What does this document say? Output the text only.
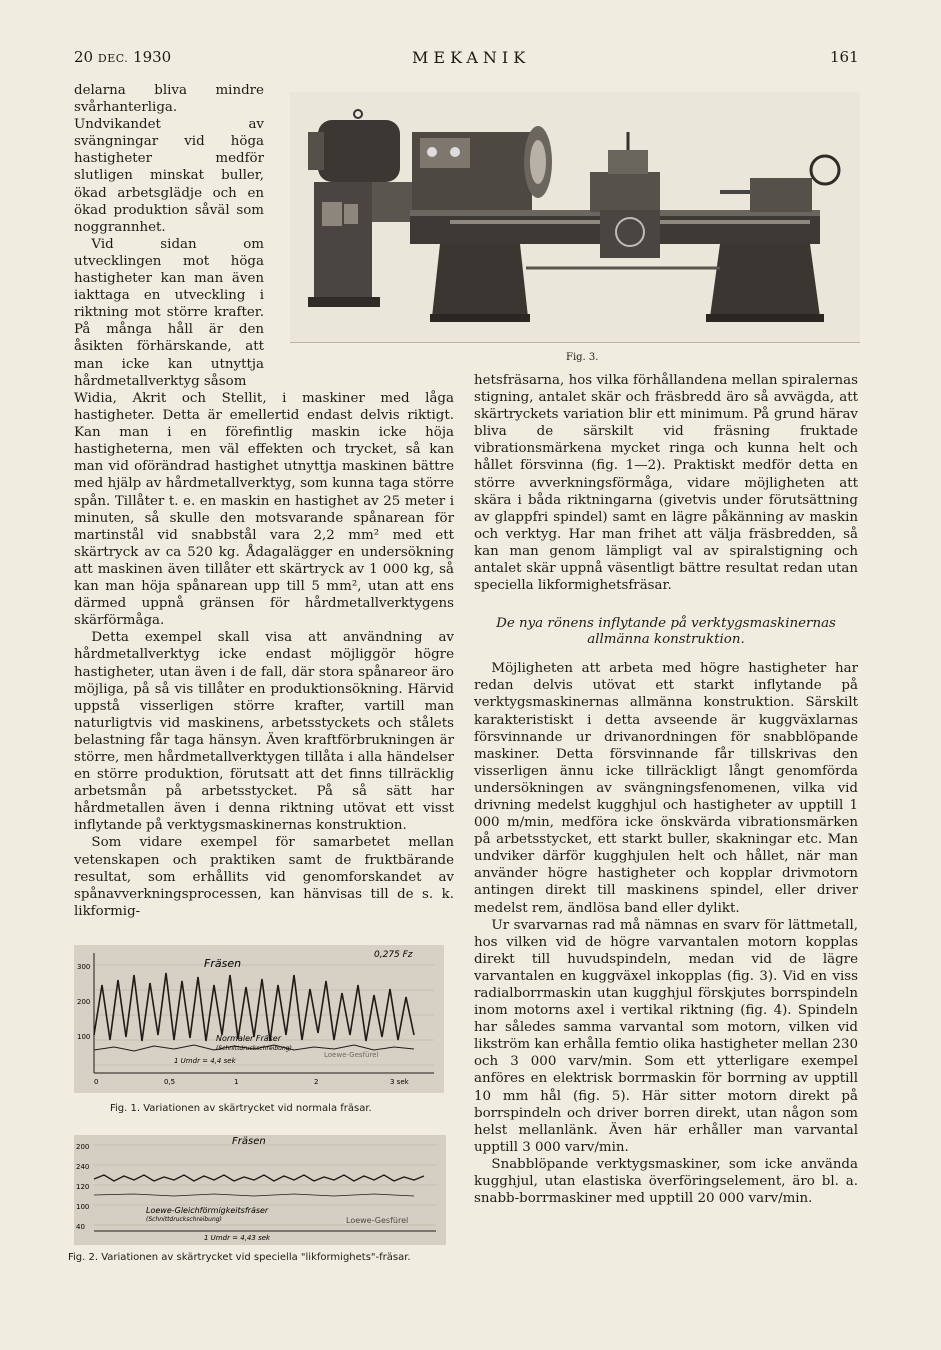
20 DEC. 1930	MEKANIK	161
Fig. 3.

delarna bliva mindre svårhanterliga. Undvikandet av svängningar vid höga hastigheter medför slutligen minskat buller, ökad arbetsglädje och en ökad produktion såväl som noggrannhet.

Vid sidan om utvecklingen mot höga hastigheter kan man även iakttaga en utveckling i riktning mot större krafter. På många håll är den åsikten förhärskande, att man icke kan utnyttja hårdmetallverktyg såsom

Widia, Akrit och Stellit, i maskiner med låga hastigheter. Detta är emellertid endast delvis riktigt. Kan man i en förefintlig maskin icke höja hastigheterna, men väl effekten och trycket, så kan man vid oförändrad hastighet utnyttja maskinen bättre med hjälp av hårdmetallverktyg, som kunna taga större spån. Tillåter t. e. en maskin en hastighet av 25 meter i minuten, så skulle den motsvarande spånarean för martinstål vid snabbstål vara 2,2 mm² med ett skärtryck av ca 520 kg. Ådagalägger en undersökning att maskinen även tillåter ett skärtryck av 1 000 kg, så kan man höja spånarean upp till 5 mm², utan att ens därmed uppnå gränsen för hårdmetallverktygens skärförmåga.

Detta exempel skall visa att användning av hårdmetallverktyg icke endast möjliggör högre hastigheter, utan även i de fall, där stora spånareor äro möjliga, på så vis tillåter en produktionsökning. Härvid uppstå visserligen större krafter, vartill man naturligtvis vid maskinens, arbetsstyckets och stålets belastning får taga hänsyn. Även kraftförbrukningen är större, men hårdmetallverktygen tillåta i alla händelser en större produktion, förutsatt att det finns tillräcklig arbetsmån på arbetsstycket. På så sätt har hårdmetallen även i denna riktning utövat ett visst inflytande på verktygsmaskinernas konstruktion.

Som vidare exempel för samarbetet mellan vetenskapen och praktiken samt de fruktbärande resultat, som erhållits vid genomforskandet av spånavverkningsprocessen, kan hänvisas till de s. k. likformig-

hetsfräsarna, hos vilka förhållandena mellan spiralernas stigning, antalet skär och fräsbredd äro så avvägda, att skärtryckets variation blir ett minimum. På grund härav bliva de särskilt vid fräsning fruktade vibrationsmärkena mycket ringa och kunna helt och hållet försvinna (fig. 1—2). Praktiskt medför detta en större avverkningsförmåga, vidare möjligheten att skära i båda riktningarna (givetvis under förutsättning av glappfri spindel) samt en lägre påkänning av maskin och verktyg. Har man frihet att välja fräsbredden, så kan man genom lämpligt val av spiralstigning och antalet skär uppnå väsentligt bättre resultat redan utan speciella likformighetsfräsar.

De nya rönens inflytande på verktygsmaskinernas allmänna konstruktion.

Möjligheten att arbeta med högre hastigheter har redan delvis utövat ett starkt inflytande på verktygsmaskinernas allmänna konstruktion. Särskilt karakteristiskt i detta avseende är kuggväxlarnas försvinnande ur drivanordningen för snabblöpande maskiner. Detta försvinnande får tillskrivas den visserligen ännu icke tillräckligt långt genomförda undersökningen av svängningsfenomenen, vilka vid drivning medelst kugghjul och hastigheter av upptill 1 000 m/min, medföra icke önskvärda vibrationsmärken på arbetsstycket, ett starkt buller, skakningar etc. Man undviker därför kugghjulen helt och hållet, när man använder högre hastigheter och kopplar drivmotorn antingen direkt till maskinens spindel, eller driver medelst rem, ändlösa band eller dylikt.

Ur svarvarnas rad må nämnas en svarv för lättmetall, hos vilken vid de högre varvantalen motorn kopplas direkt till huvudspindeln, medan vid de lägre varvantalen en kuggväxel inkopplas (fig. 3). Vid en viss radialborrmaskin utan kugghjul förskjutes borrspindeln inom motorns axel i vertikal riktning (fig. 4). Spindeln har således samma varvantal som motorn, vilken vid likström kan erhålla femtio olika hastigheter mellan 230 och 3 000 varv/min. Som ett ytterligare exempel anföres en elektrisk borrmaskin för borrning av upptill 10 mm hål (fig. 5). Här sitter motorn direkt på borrspindeln och driver borren direkt, utan någon som helst mellanlänk. Även här erhåller man varvantal upptill 3 000 varv/min.

Snabblöpande verktygsmaskiner, som icke använda kugghjul, utan elastiska överföringselement, äro bl. a. snabb-borrmaskiner med upptill 20 000 varv/min.

Fräsen
0,275 Fz
Normaler Fräser
(Schnittdruckschreibung)
1 Umdr = 4,4 sek
Loewe-Gesfürel
300
200
100
0	0,5	1	2	3 sek
Fig. 1. Variationen av skärtrycket vid normala fräsar.
Fräsen
Loewe-Gleichförmigkeitsfräser
(Schnittdruckschreibung)
1 Umdr = 4,43 sek
Loewe-Gesfürel
200
240
120
100
40
Fig. 2. Variationen av skärtrycket vid speciella "likformighets"-fräsar.
